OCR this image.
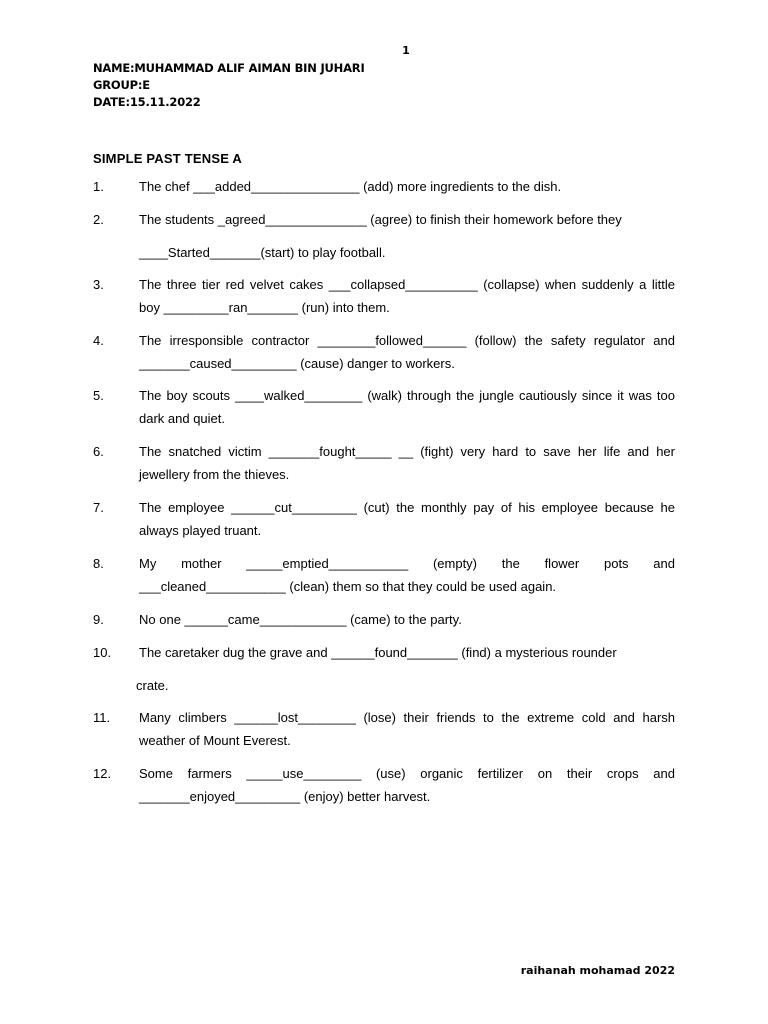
1
NAME:MUHAMMAD ALIF AIMAN BIN JUHARI
GROUP:E
DATE:15.11.2022
SIMPLE PAST TENSE A
1.	The chef ___added_______________ (add) more ingredients to the dish.
2.	The students _agreed______________ (agree) to finish their homework before they
____Started_______(start) to play football.
3.	The three tier red velvet cakes ___collapsed__________ (collapse) when suddenly a little boy _________ran_______ (run) into them.
4.	The irresponsible contractor ________followed______ (follow) the safety regulator and _______caused_________ (cause) danger to workers.
5.	The boy scouts ____walked________ (walk) through the jungle cautiously since it was too dark and quiet.
6.	The snatched victim _______fought_____ __ (fight) very hard to save her life and her jewellery from the thieves.
7.	The employee ______cut_________ (cut) the monthly pay of his employee because he always played truant.
8.	My mother _____emptied___________ (empty) the flower pots and ___cleaned___________ (clean) them so that they could be used again.
9.	No one ______came____________ (came) to the party.
10.	The caretaker dug the grave and ______found_______ (find) a mysterious rounder
crate.
11.	Many climbers ______lost________ (lose) their friends to the extreme cold and harsh weather of Mount Everest.
12.	Some farmers _____use________ (use) organic fertilizer on their crops and _______enjoyed_________ (enjoy) better harvest.
raihanah mohamad 2022
